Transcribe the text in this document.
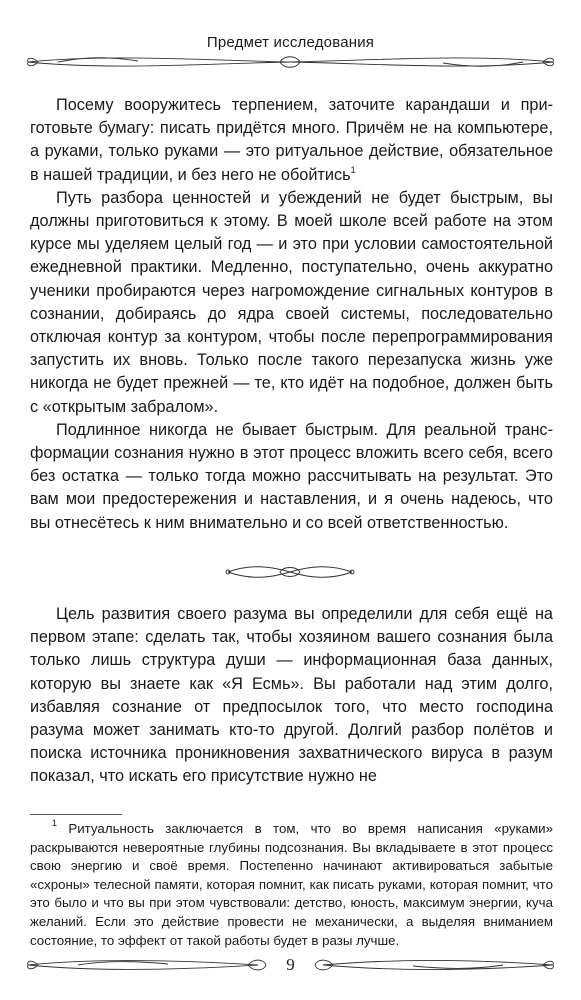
Предмет исследования

Посему вооружитесь терпением, заточите карандаши и приготовьте бумагу: писать придётся много. Причём не на компьютере, а руками, только руками — это ритуальное действие, обязательное в нашей традиции, и без него не обойтись$^1$

Путь разбора ценностей и убеждений не будет быстрым, вы должны приготовиться к этому. В моей школе всей работе на этом курсе мы уделяем целый год — и это при условии самостоятельной ежедневной практики. Медленно, поступательно, очень аккуратно ученики пробираются через нагромождение сигнальных контуров в сознании, добираясь до ядра своей системы, последовательно отключая контур за контуром, чтобы после перепрограммирования запустить их вновь. Только после такого перезапуска жизнь уже никогда не будет прежней — те, кто идёт на подобное, должен быть с «открытым забралом».

Подлинное никогда не бывает быстрым. Для реальной трансформации сознания нужно в этот процесс вложить всего себя, всего без остатка — только тогда можно рассчитывать на результат. Это вам мои предостережения и наставления, и я очень надеюсь, что вы отнесётесь к ним внимательно и со всей ответственностью.

Цель развития своего разума вы определили для себя ещё на первом этапе: сделать так, чтобы хозяином вашего сознания была только лишь структура души — информационная база данных, которую вы знаете как «Я Есмь». Вы работали над этим долго, избавляя сознание от предпосылок того, что место господина разума может занимать кто-то другой. Долгий разбор полётов и поиска источника проникновения захватнического вируса в разум показал, что искать его присутствие нужно не

$^1$ Ритуальность заключается в том, что во время написания «руками» раскрываются невероятные глубины подсознания. Вы вкладываете в этот процесс свою энергию и своё время. Постепенно начинают активироваться забытые «схроны» телесной памяти, которая помнит, как писать руками, которая помнит, что это было и что вы при этом чувствовали: детство, юность, максимум энергии, куча желаний. Если это действие провести не механически, а выделяя вниманием состояние, то эффект от такой работы будет в разы лучше.

9
